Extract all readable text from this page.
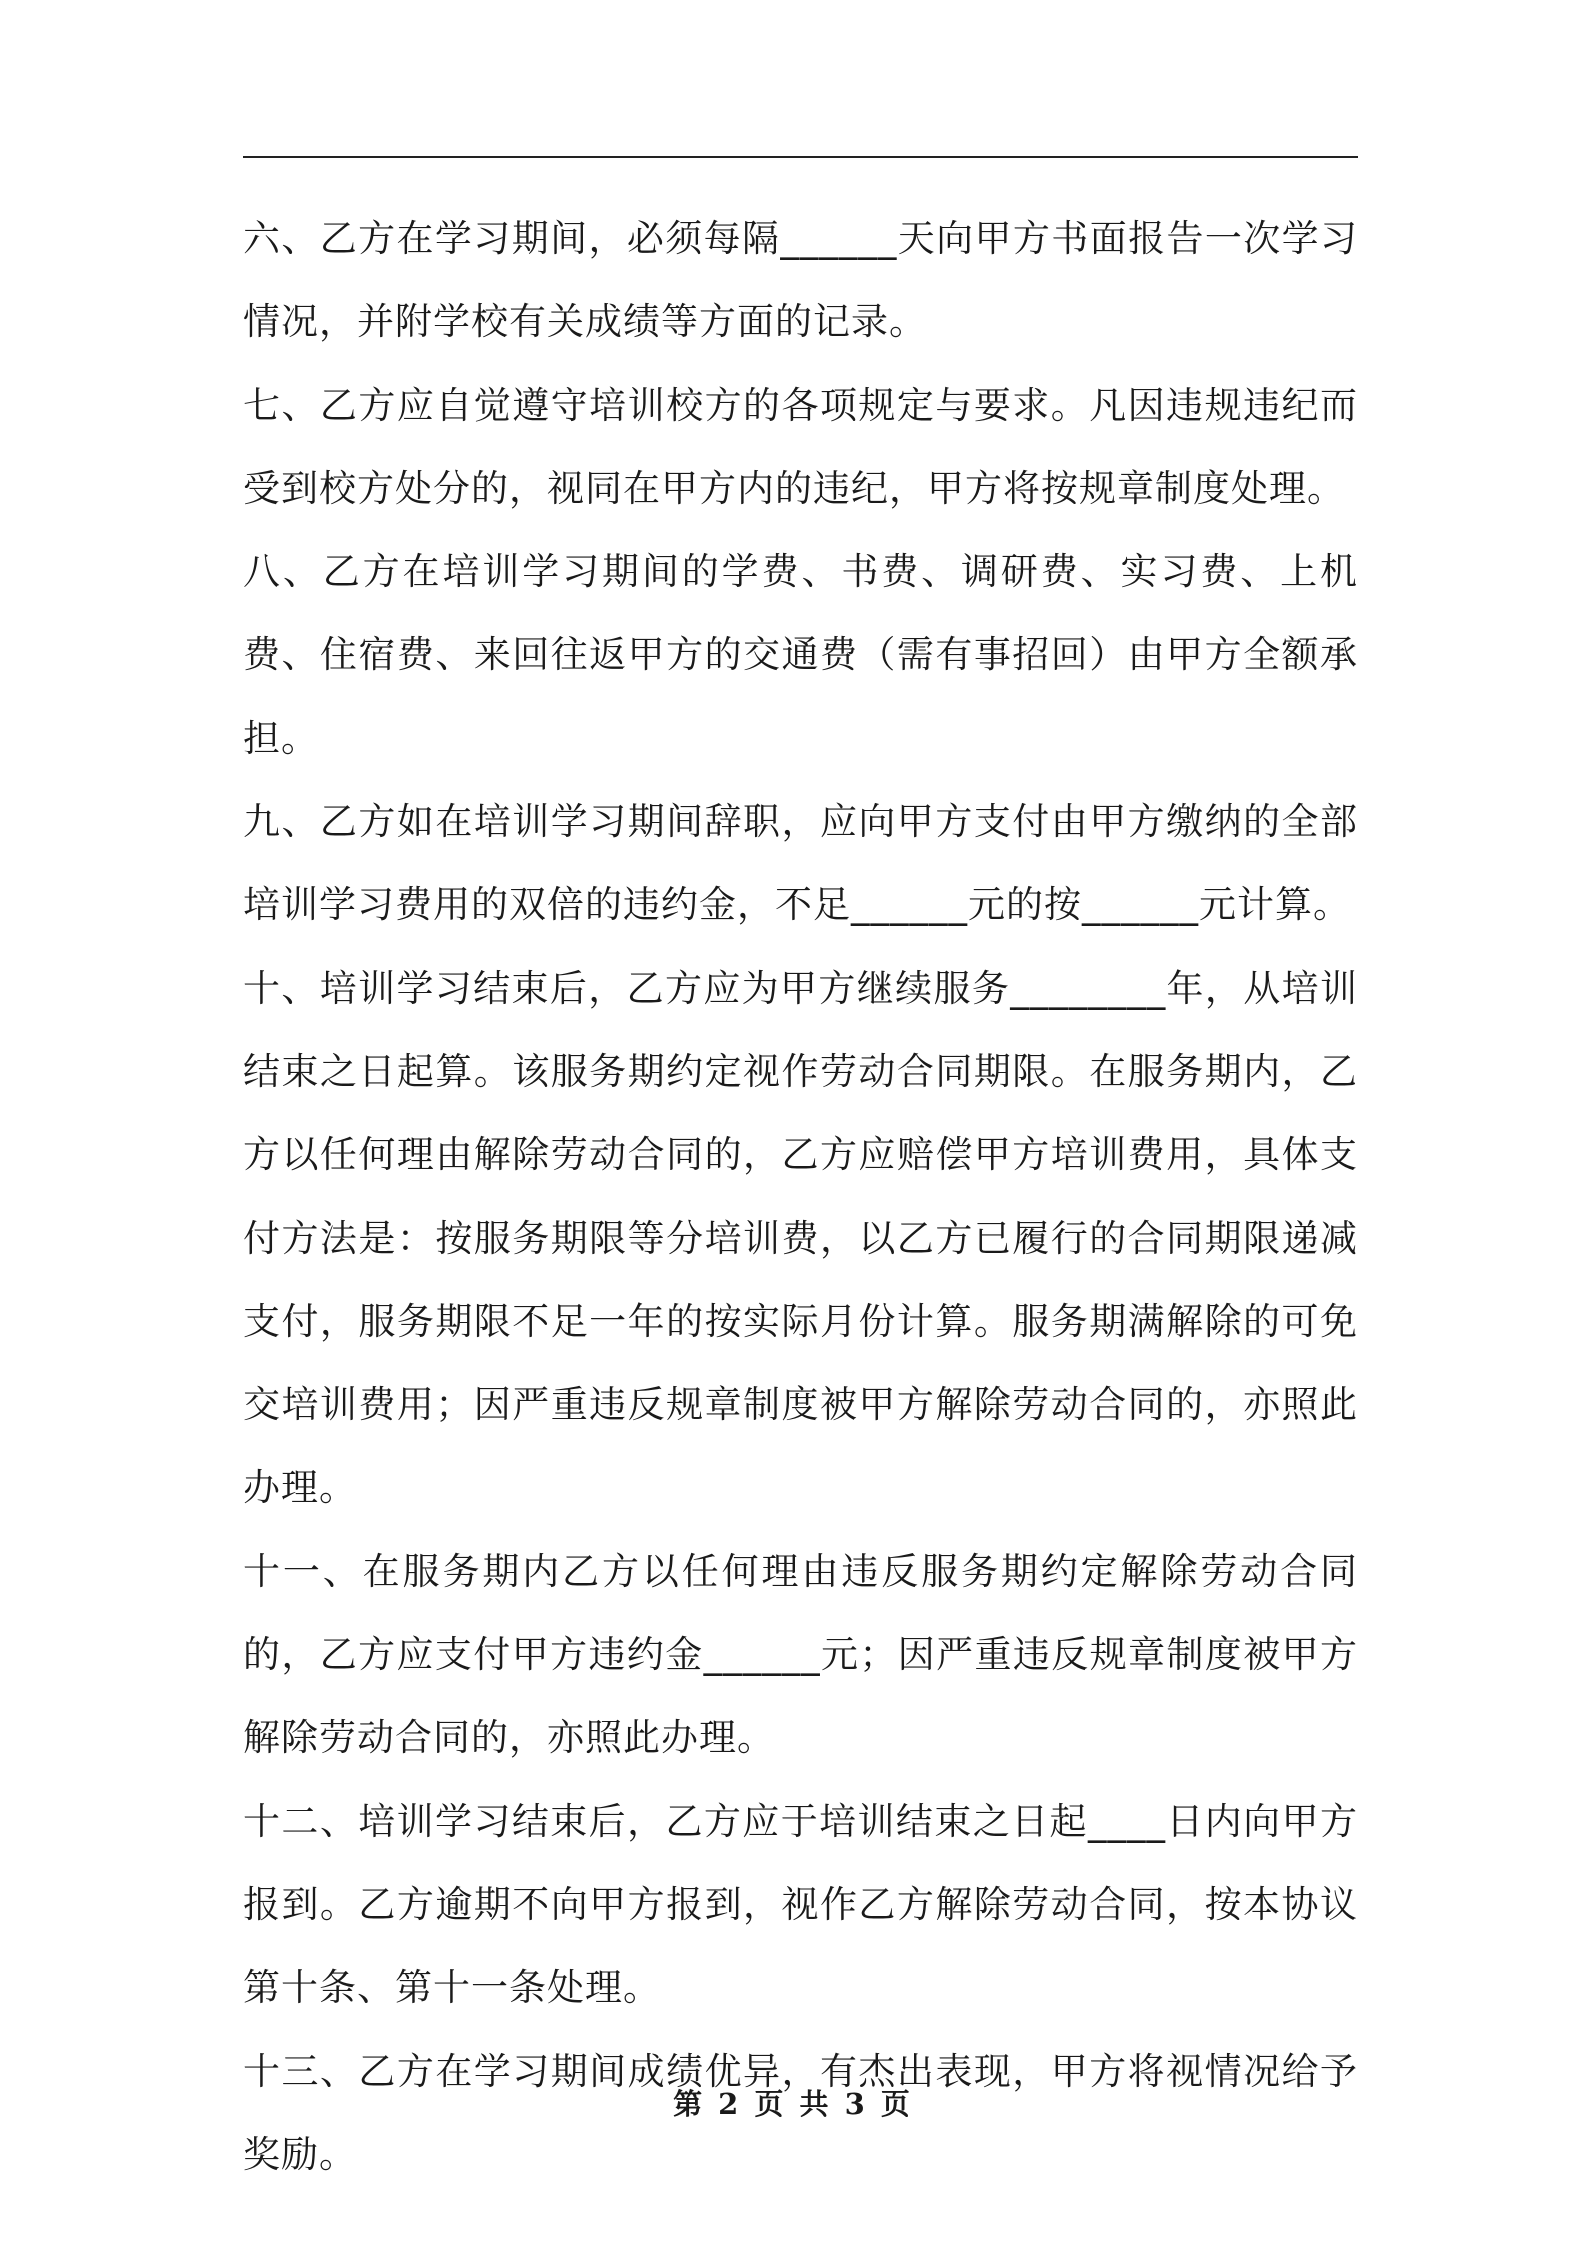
六、乙方在学习期间，必须每隔______天向甲方书面报告一次学习情况，并附学校有关成绩等方面的记录。

七、乙方应自觉遵守培训校方的各项规定与要求。凡因违规违纪而受到校方处分的，视同在甲方内的违纪，甲方将按规章制度处理。

八、乙方在培训学习期间的学费、书费、调研费、实习费、上机费、住宿费、来回往返甲方的交通费（需有事招回）由甲方全额承担。

九、乙方如在培训学习期间辞职，应向甲方支付由甲方缴纳的全部培训学习费用的双倍的违约金，不足______元的按______元计算。

十、培训学习结束后，乙方应为甲方继续服务________年，从培训结束之日起算。该服务期约定视作劳动合同期限。在服务期内，乙方以任何理由解除劳动合同的，乙方应赔偿甲方培训费用，具体支付方法是：按服务期限等分培训费，以乙方已履行的合同期限递减支付，服务期限不足一年的按实际月份计算。服务期满解除的可免交培训费用；因严重违反规章制度被甲方解除劳动合同的，亦照此办理。

十一、在服务期内乙方以任何理由违反服务期约定解除劳动合同的，乙方应支付甲方违约金______元；因严重违反规章制度被甲方解除劳动合同的，亦照此办理。

十二、培训学习结束后，乙方应于培训结束之日起____日内向甲方报到。乙方逾期不向甲方报到，视作乙方解除劳动合同，按本协议第十条、第十一条处理。

十三、乙方在学习期间成绩优异，有杰出表现，甲方将视情况给予奖励。

第 2 页 共 3 页
